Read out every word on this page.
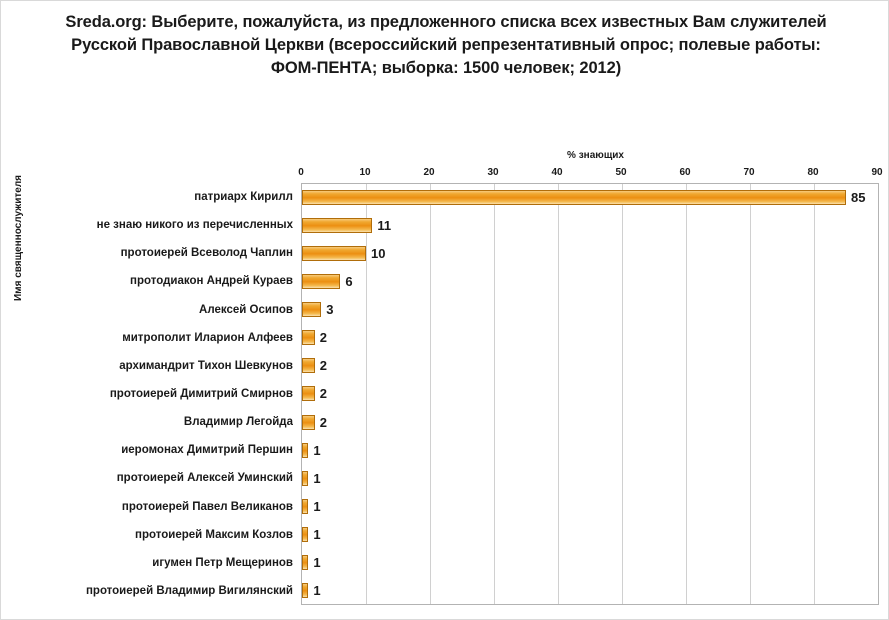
Sreda.org: Выберите, пожалуйста, из предложенного списка всех известных Вам служителей Русской Православной Церкви (всероссийский репрезентативный опрос; полевые работы: ФОМ-ПЕНТА; выборка: 1500 человек; 2012)
% знающих
Имя священнослужителя
0	10	20	30	40	50	60	70	80	90
патриарх Кирилл	85
не знаю никого из перечисленных	11
протоиерей Всеволод Чаплин	10
протодиакон Андрей Кураев	6
Алексей Осипов	3
митрополит Иларион Алфеев 2
архимандрит Тихон Шевкунов 2
протоиерей Димитрий Смирнов 2
Владимир Легойда 2
иеромонах Димитрий Першин 1
протоиерей Алексей Уминский 1
протоиерей Павел Великанов 1
протоиерей Максим Козлов 1
игумен Петр Мещеринов 1
протоиерей Владимир Вигилянский 1
